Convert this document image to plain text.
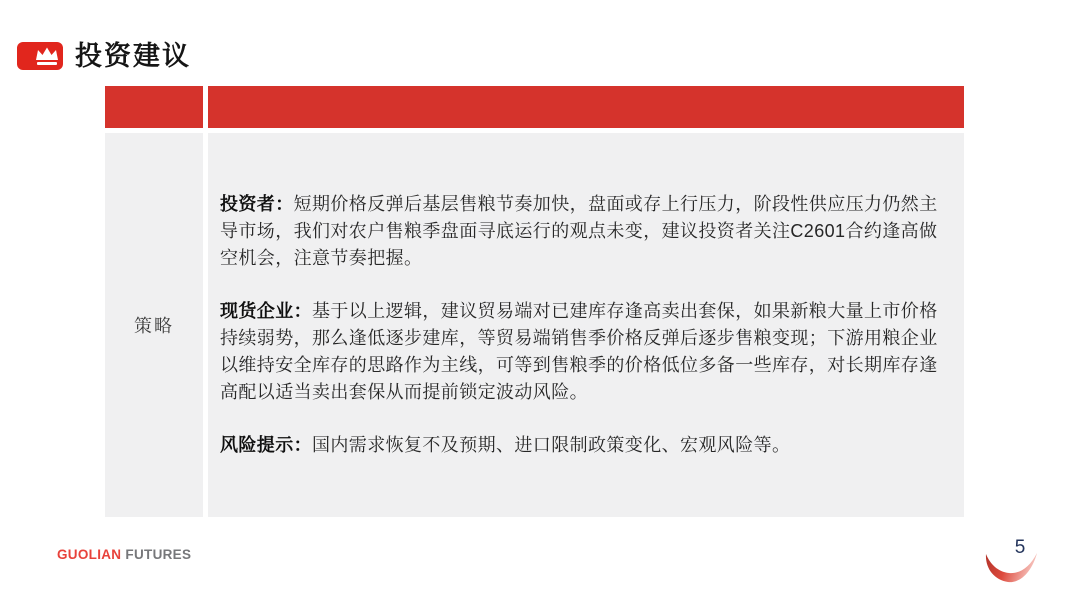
投资建议
策略

投资者：短期价格反弹后基层售粮节奏加快，盘面或存上行压力，阶段性供应压力仍然主导市场，我们对农户售粮季盘面寻底运行的观点未变，建议投资者关注C2601合约逢高做空机会，注意节奏把握。

现货企业：基于以上逻辑，建议贸易端对已建库存逢高卖出套保，如果新粮大量上市价格持续弱势，那么逢低逐步建库，等贸易端销售季价格反弹后逐步售粮变现；下游用粮企业以维持安全库存的思路作为主线，可等到售粮季的价格低位多备一些库存，对长期库存逢高配以适当卖出套保从而提前锁定波动风险。

风险提示：国内需求恢复不及预期、进口限制政策变化、宏观风险等。

GUOLIAN FUTURES	5
